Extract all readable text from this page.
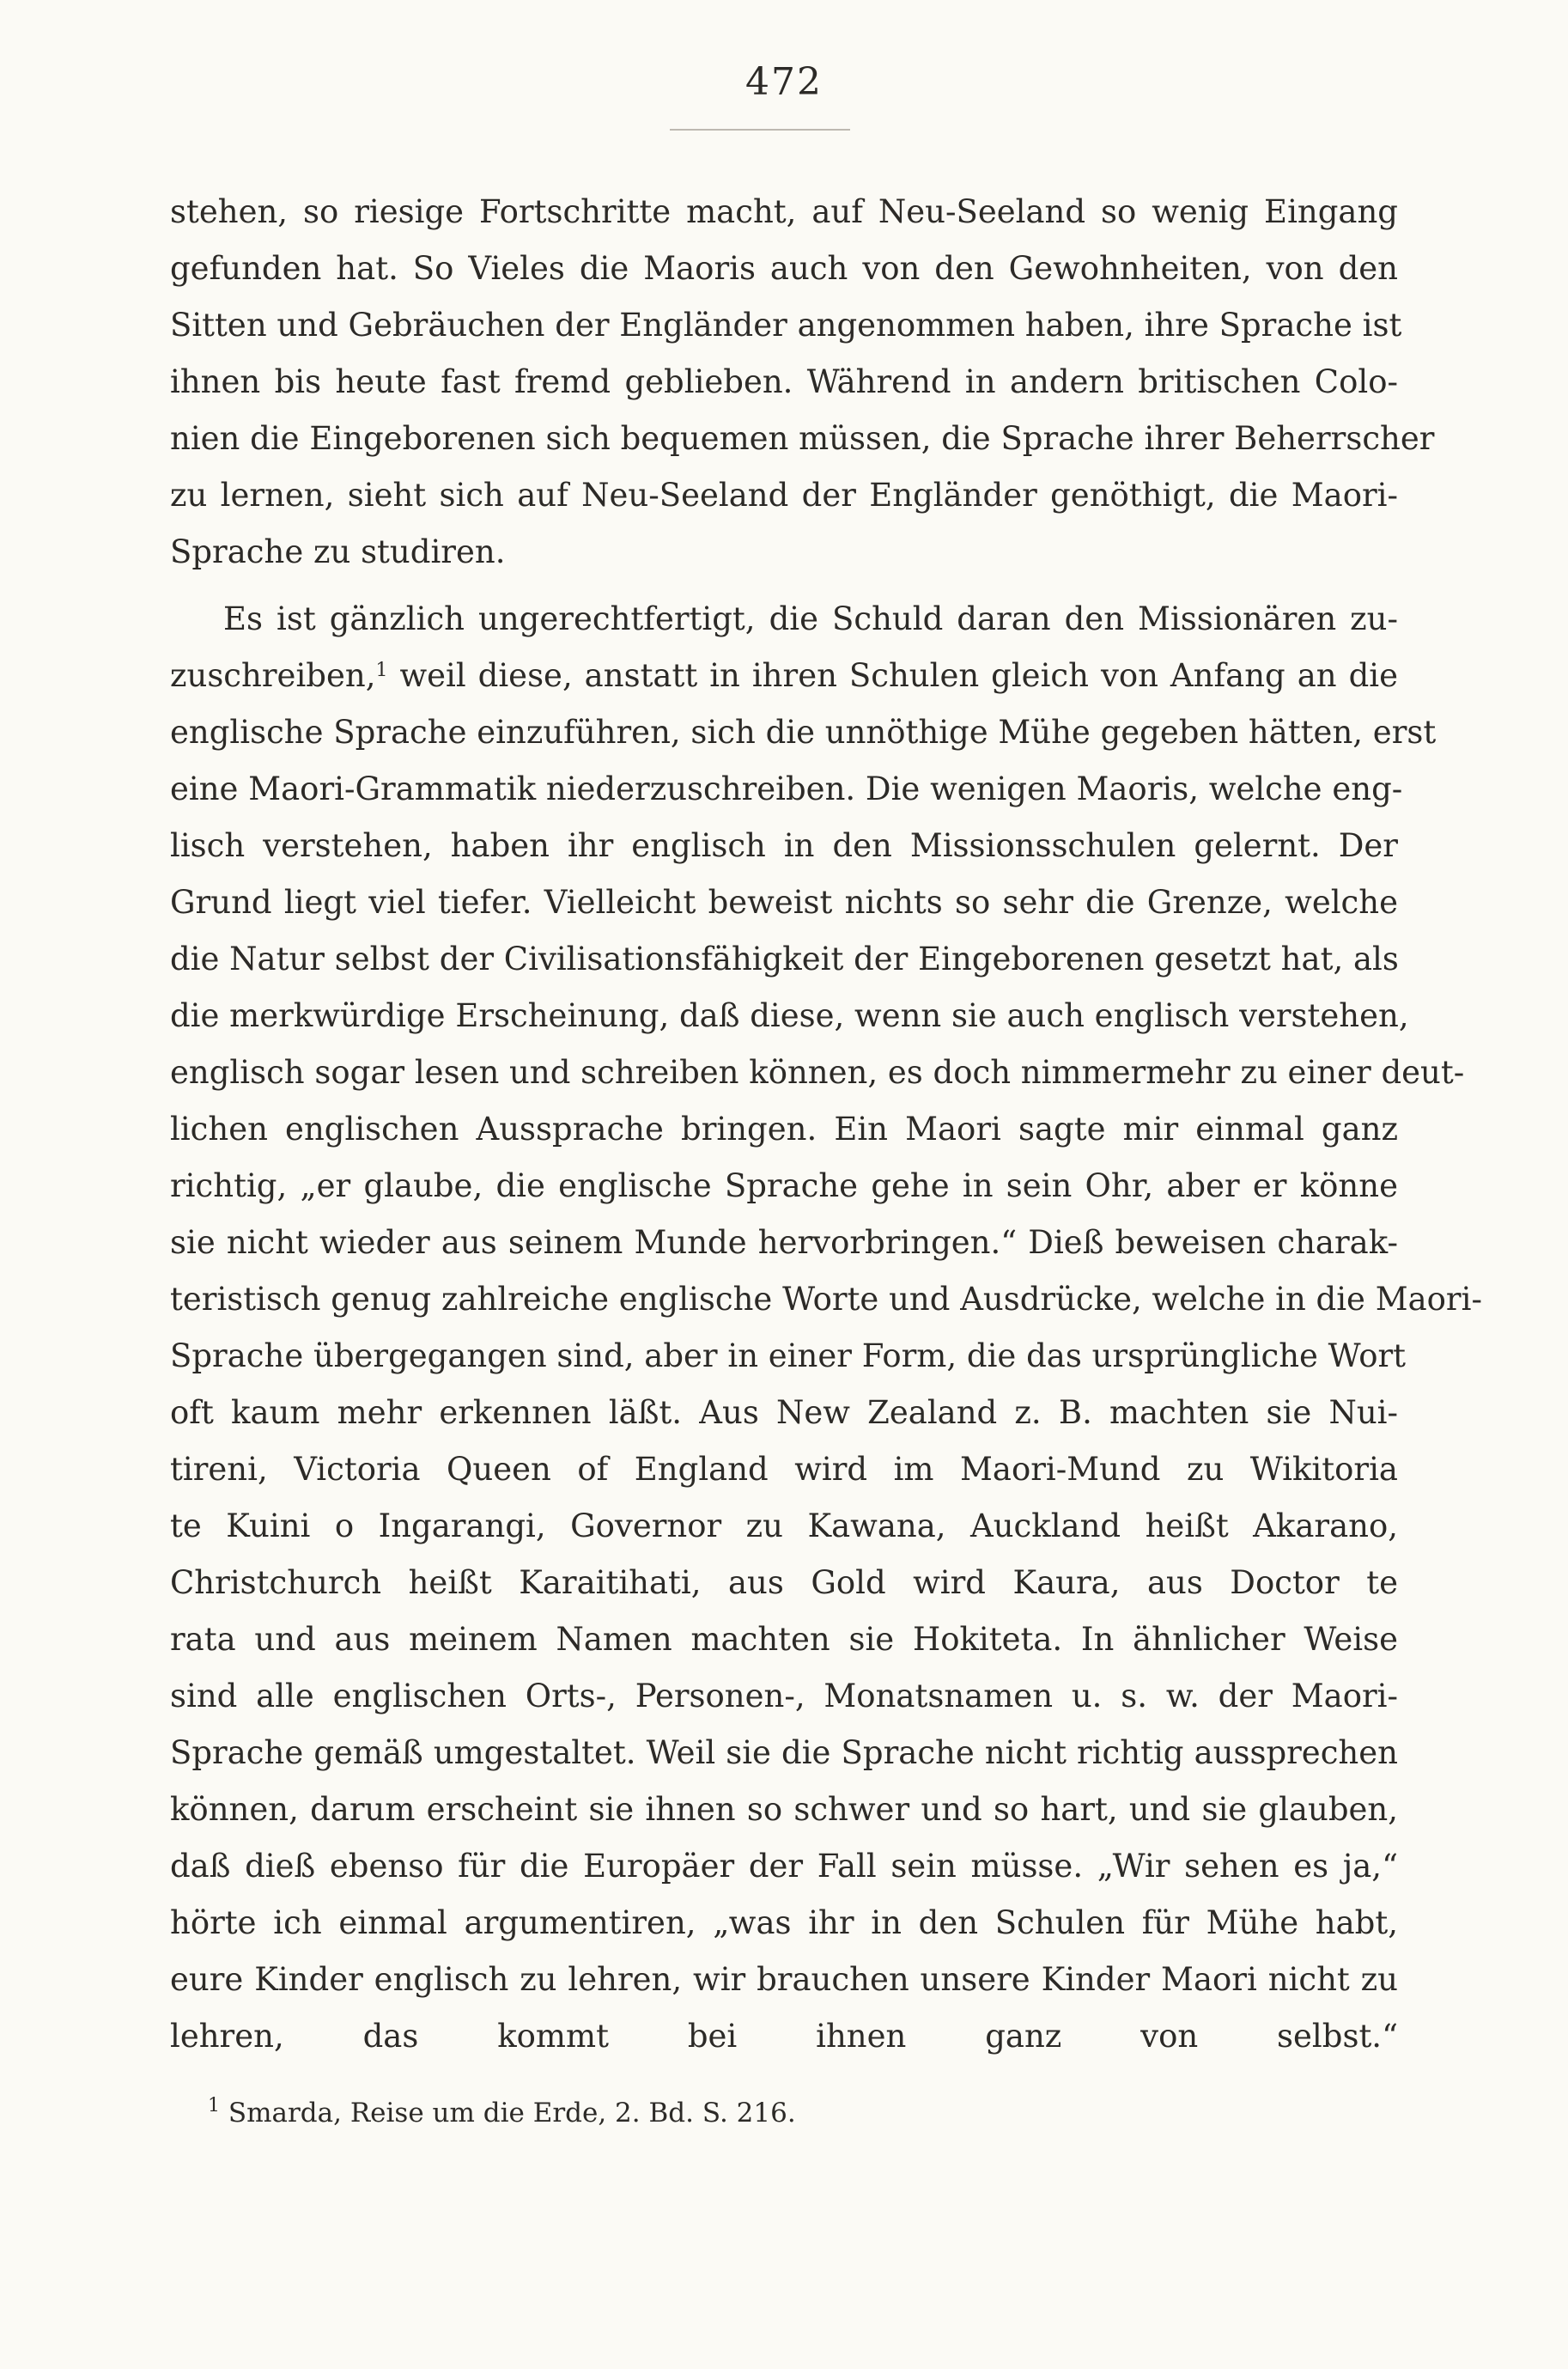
472
stehen, so riesige Fortschritte macht, auf Neu-Seeland so wenig Eingang
gefunden hat. So Vieles die Maoris auch von den Gewohnheiten, von den
Sitten und Gebräuchen der Engländer angenommen haben, ihre Sprache ist
ihnen bis heute fast fremd geblieben. Während in andern britischen Colo-
nien die Eingeborenen sich bequemen müssen, die Sprache ihrer Beherrscher
zu lernen, sieht sich auf Neu-Seeland der Engländer genöthigt, die Maori-
Sprache zu studiren.
Es ist gänzlich ungerechtfertigt, die Schuld daran den Missionären zu-
zuschreiben,$^1$ weil diese, anstatt in ihren Schulen gleich von Anfang an die
englische Sprache einzuführen, sich die unnöthige Mühe gegeben hätten, erst
eine Maori-Grammatik niederzuschreiben. Die wenigen Maoris, welche eng-
lisch verstehen, haben ihr englisch in den Missionsschulen gelernt. Der
Grund liegt viel tiefer. Vielleicht beweist nichts so sehr die Grenze, welche
die Natur selbst der Civilisationsfähigkeit der Eingeborenen gesetzt hat, als
die merkwürdige Erscheinung, daß diese, wenn sie auch englisch verstehen,
englisch sogar lesen und schreiben können, es doch nimmermehr zu einer deut-
lichen englischen Aussprache bringen. Ein Maori sagte mir einmal ganz
richtig, „er glaube, die englische Sprache gehe in sein Ohr, aber er könne
sie nicht wieder aus seinem Munde hervorbringen.“ Dieß beweisen charak-
teristisch genug zahlreiche englische Worte und Ausdrücke, welche in die Maori-
Sprache übergegangen sind, aber in einer Form, die das ursprüngliche Wort
oft kaum mehr erkennen läßt. Aus New Zealand z. B. machten sie Nui-
tireni, Victoria Queen of England wird im Maori-Mund zu Wikitoria
te Kuini o Ingarangi, Governor zu Kawana, Auckland heißt Akarano,
Christchurch heißt Karaitihati, aus Gold wird Kaura, aus Doctor te
rata und aus meinem Namen machten sie Hokiteta. In ähnlicher Weise
sind alle englischen Orts-, Personen-, Monatsnamen u. s. w. der Maori-
Sprache gemäß umgestaltet. Weil sie die Sprache nicht richtig aussprechen
können, darum erscheint sie ihnen so schwer und so hart, und sie glauben,
daß dieß ebenso für die Europäer der Fall sein müsse. „Wir sehen es ja,“
hörte ich einmal argumentiren, „was ihr in den Schulen für Mühe habt,
eure Kinder englisch zu lehren, wir brauchen unsere Kinder Maori nicht zu
lehren, das kommt bei ihnen ganz von selbst.“
$^1$ Smarda, Reise um die Erde, 2. Bd. S. 216.
